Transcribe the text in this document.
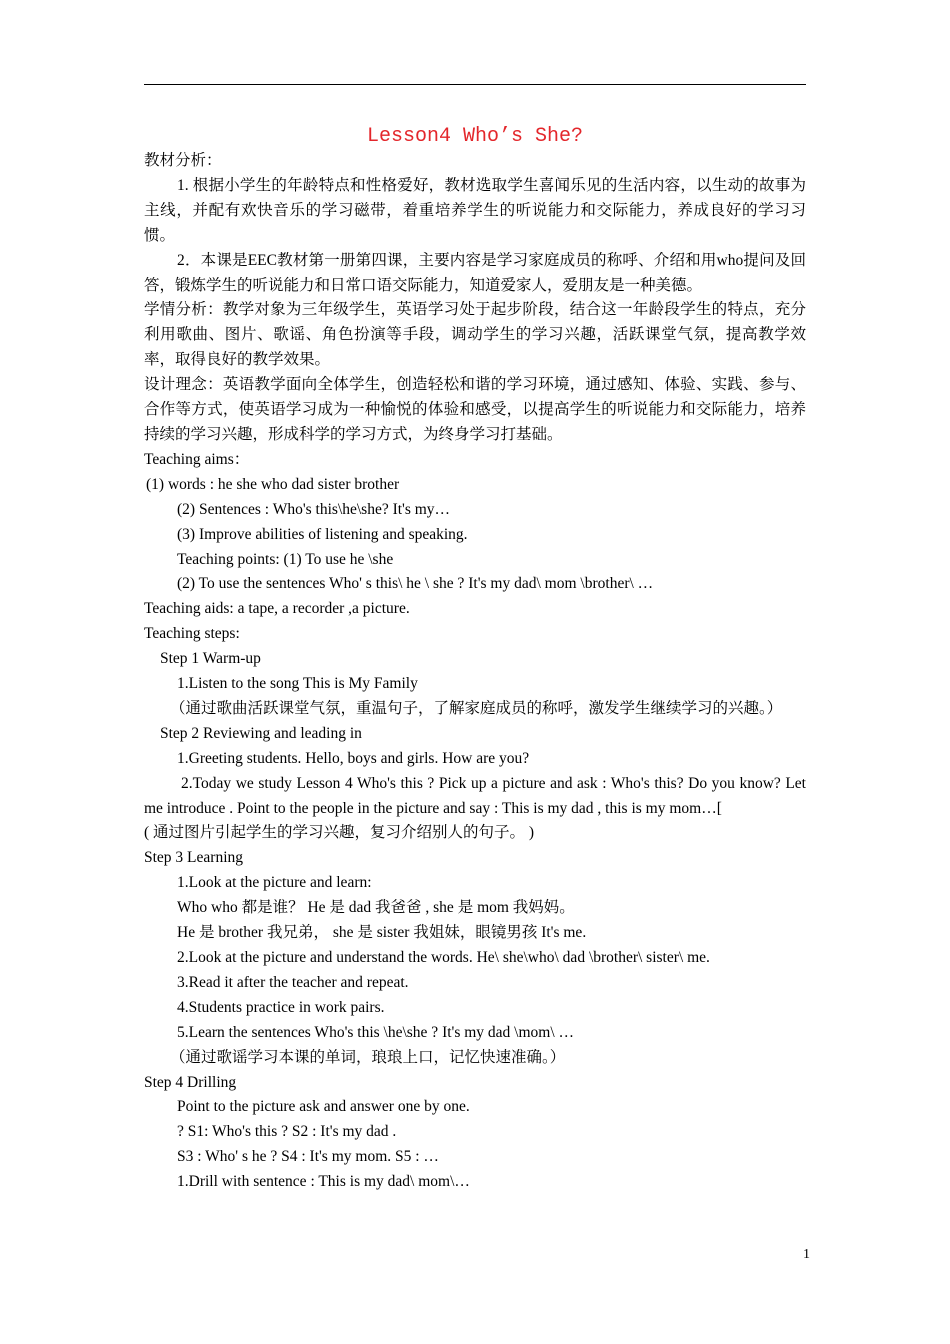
Lesson4 Who’s She?

教材分析：

1. 根据小学生的年龄特点和性格爱好，教材选取学生喜闻乐见的生活内容，以生动的故事为主线，并配有欢快音乐的学习磁带，着重培养学生的听说能力和交际能力，养成良好的学习习惯。

2．本课是EEC教材第一册第四课，主要内容是学习家庭成员的称呼、介绍和用who提问及回答，锻炼学生的听说能力和日常口语交际能力，知道爱家人，爱朋友是一种美德。

学情分析：教学对象为三年级学生，英语学习处于起步阶段，结合这一年龄段学生的特点，充分利用歌曲、图片、歌谣、角色扮演等手段，调动学生的学习兴趣，活跃课堂气氛，提高教学效率，取得良好的教学效果。

设计理念：英语教学面向全体学生，创造轻松和谐的学习环境，通过感知、体验、实践、参与、合作等方式，使英语学习成为一种愉悦的体验和感受，以提高学生的听说能力和交际能力，培养持续的学习兴趣，形成科学的学习方式，为终身学习打基础。

Teaching aims：

(1) words : he she who dad sister brother

(2) Sentences : Who's this\he\she? It's my…

(3) Improve abilities of listening and speaking.

Teaching points: (1) To use he \she

(2) To use the sentences Who' s this\ he \ she ? It's my dad\ mom \brother\ …

Teaching aids: a tape, a recorder ,a picture.

Teaching steps:

Step 1 Warm-up

1.Listen to the song This is My Family

（通过歌曲活跃课堂气氛，重温句子，了解家庭成员的称呼，激发学生继续学习的兴趣。）

Step 2 Reviewing and leading in

1.Greeting students. Hello, boys and girls. How are you?

2.Today we study Lesson 4 Who's this ? Pick up a picture and ask : Who's this? Do you know? Let me introduce . Point to the people in the picture and say : This is my dad , this is my mom…[

( 通过图片引起学生的学习兴趣，复习介绍别人的句子。 )

Step 3 Learning

1.Look at the picture and learn:

Who who 都是谁？ He 是 dad 我爸爸 , she 是 mom 我妈妈。

He 是 brother 我兄弟， she 是 sister 我姐妹，眼镜男孩 It's me.

2.Look at the picture and understand the words. He\ she\who\ dad \brother\ sister\ me.

3.Read it after the teacher and repeat.

4.Students practice in work pairs.

5.Learn the sentences Who's this \he\she ? It's my dad \mom\ …

（通过歌谣学习本课的单词，琅琅上口，记忆快速准确。）

Step 4 Drilling

Point to the picture ask and answer one by one.

? S1: Who's this ? S2 : It's my dad .

S3 : Who' s he ? S4 : It's my mom. S5 : …

1.Drill with sentence : This is my dad\ mom\…

1
